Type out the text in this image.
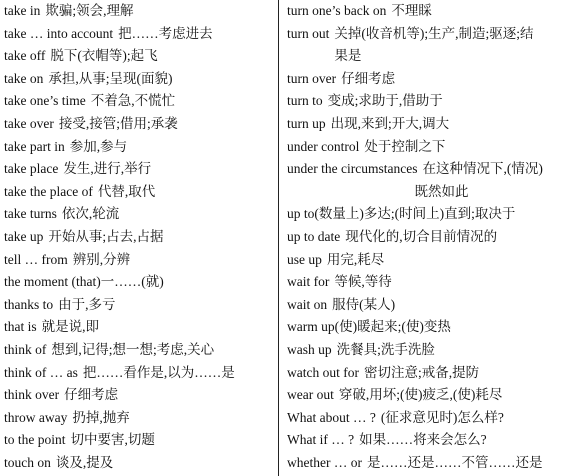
take in 欺骗;领会,理解
take … into account 把……考虑进去
take off 脱下(衣帽等);起飞
take on 承担,从事;呈现(面貌)
take one’s time 不着急,不慌忙
take over 接受,接管;借用;承袭
take part in 参加,参与
take place 发生,进行,举行
take the place of 代替,取代
take turns 依次,轮流
take up 开始从事;占去,占据
tell … from 辨别,分辨
the moment (that) 一……(就)
thanks to 由于,多亏
that is 就是说,即
think of 想到,记得;想一想;考虑,关心
think of … as 把……看作是,以为……是
think over 仔细考虑
throw away 扔掉,抛弃
to the point 切中要害,切题
touch on 谈及,提及
turn one’s back on 不理睬
turn out 关掉(收音机等);生产,制造;驱逐;结
果是
turn over 仔细考虑
turn to 变成;求助于,借助于
turn up 出现,来到;开大,调大
under control 处于控制之下
under the circumstances 在这种情况下,(情况)
既然如此
up to (数量上)多达;(时间上)直到;取决于
up to date 现代化的,切合目前情况的
use up 用完,耗尽
wait for 等候,等待
wait on 服侍(某人)
warm up (使)暖起来;(使)变热
wash up 洗餐具;洗手洗脸
watch out for 密切注意;戒备,提防
wear out 穿破,用坏;(使)疲乏,(使)耗尽
What about … ? (征求意见时)怎么样?
What if … ? 如果……将来会怎么?
whether … or 是……还是……不管……还是
